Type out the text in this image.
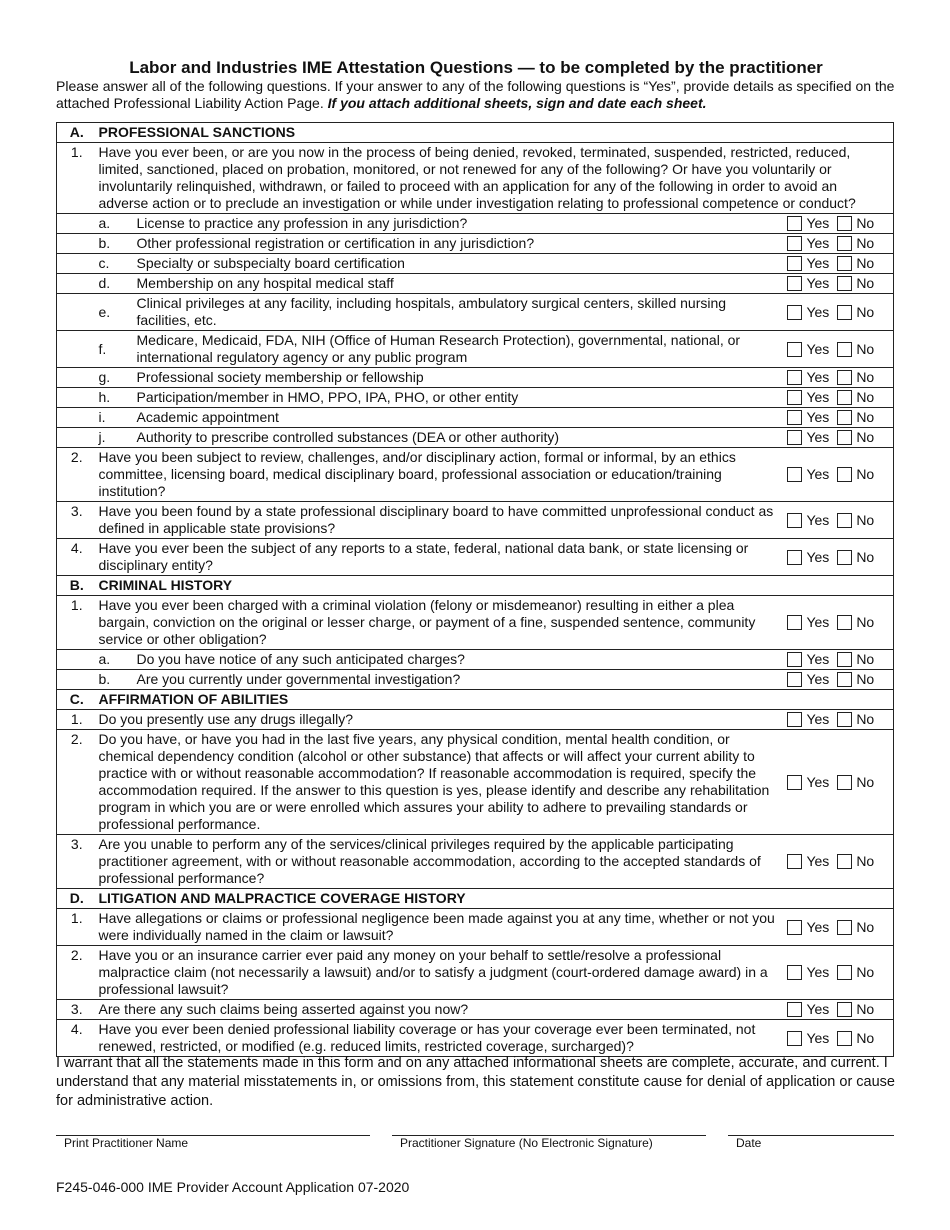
Labor and Industries IME Attestation Questions — to be completed by the practitioner
Please answer all of the following questions. If your answer to any of the following questions is “Yes”, provide details as specified on the attached Professional Liability Action Page. If you attach additional sheets, sign and date each sheet.
A.	PROFESSIONAL SANCTIONS		
1.	Have you ever been, or are you now in the process of being denied, revoked, terminated, suspended, restricted, reduced, limited, sanctioned, placed on probation, monitored, or not renewed for any of the following? Or have you voluntarily or involuntarily relinquished, withdrawn, or failed to proceed with an application for any of the following in order to avoid an adverse action or to preclude an investigation or while under investigation relating to professional competence or conduct?		
	a.	License to practice any profession in any jurisdiction?	Yes No
	b.	Other professional registration or certification in any jurisdiction?	Yes No
	c.	Specialty or subspecialty board certification	Yes No
	d.	Membership on any hospital medical staff	Yes No
	e.	Clinical privileges at any facility, including hospitals, ambulatory surgical centers, skilled nursing facilities, etc.	Yes No
	f.	Medicare, Medicaid, FDA, NIH (Office of Human Research Protection), governmental, national, or international regulatory agency or any public program	Yes No
	g.	Professional society membership or fellowship	Yes No
	h.	Participation/member in HMO, PPO, IPA, PHO, or other entity	Yes No
	i.	Academic appointment	Yes No
	j.	Authority to prescribe controlled substances (DEA or other authority)	Yes No
2.	Have you been subject to review, challenges, and/or disciplinary action, formal or informal, by an ethics committee, licensing board, medical disciplinary board, professional association or education/training institution?		Yes No
3.	Have you been found by a state professional disciplinary board to have committed unprofessional conduct as defined in applicable state provisions?		Yes No
4.	Have you ever been the subject of any reports to a state, federal, national data bank, or state licensing or disciplinary entity?		Yes No
B.	CRIMINAL HISTORY		
1.	Have you ever been charged with a criminal violation (felony or misdemeanor) resulting in either a plea bargain, conviction on the original or lesser charge, or payment of a fine, suspended sentence, community service or other obligation?		Yes No
	a.	Do you have notice of any such anticipated charges?	Yes No
	b.	Are you currently under governmental investigation?	Yes No
C.	AFFIRMATION OF ABILITIES		
1.	Do you presently use any drugs illegally?		Yes No
2.	Do you have, or have you had in the last five years, any physical condition, mental health condition, or chemical dependency condition (alcohol or other substance) that affects or will affect your current ability to practice with or without reasonable accommodation? If reasonable accommodation is required, specify the accommodation required. If the answer to this question is yes, please identify and describe any rehabilitation program in which you are or were enrolled which assures your ability to adhere to prevailing standards or professional performance.		Yes No
3.	Are you unable to perform any of the services/clinical privileges required by the applicable participating practitioner agreement, with or without reasonable accommodation, according to the accepted standards of professional performance?		Yes No
D.	LITIGATION AND MALPRACTICE COVERAGE HISTORY		
1.	Have allegations or claims or professional negligence been made against you at any time, whether or not you were individually named in the claim or lawsuit?		Yes No
2.	Have you or an insurance carrier ever paid any money on your behalf to settle/resolve a professional malpractice claim (not necessarily a lawsuit) and/or to satisfy a judgment (court-ordered damage award) in a professional lawsuit?		Yes No
3.	Are there any such claims being asserted against you now?		Yes No
4.	Have you ever been denied professional liability coverage or has your coverage ever been terminated, not renewed, restricted, or modified (e.g. reduced limits, restricted coverage, surcharged)?		Yes No
I warrant that all the statements made in this form and on any attached informational sheets are complete, accurate, and current. I understand that any material misstatements in, or omissions from, this statement constitute cause for denial of application or cause for administrative action.
Print Practitioner Name	Practitioner Signature (No Electronic Signature)	Date
F245-046-000 IME Provider Account Application 07-2020
